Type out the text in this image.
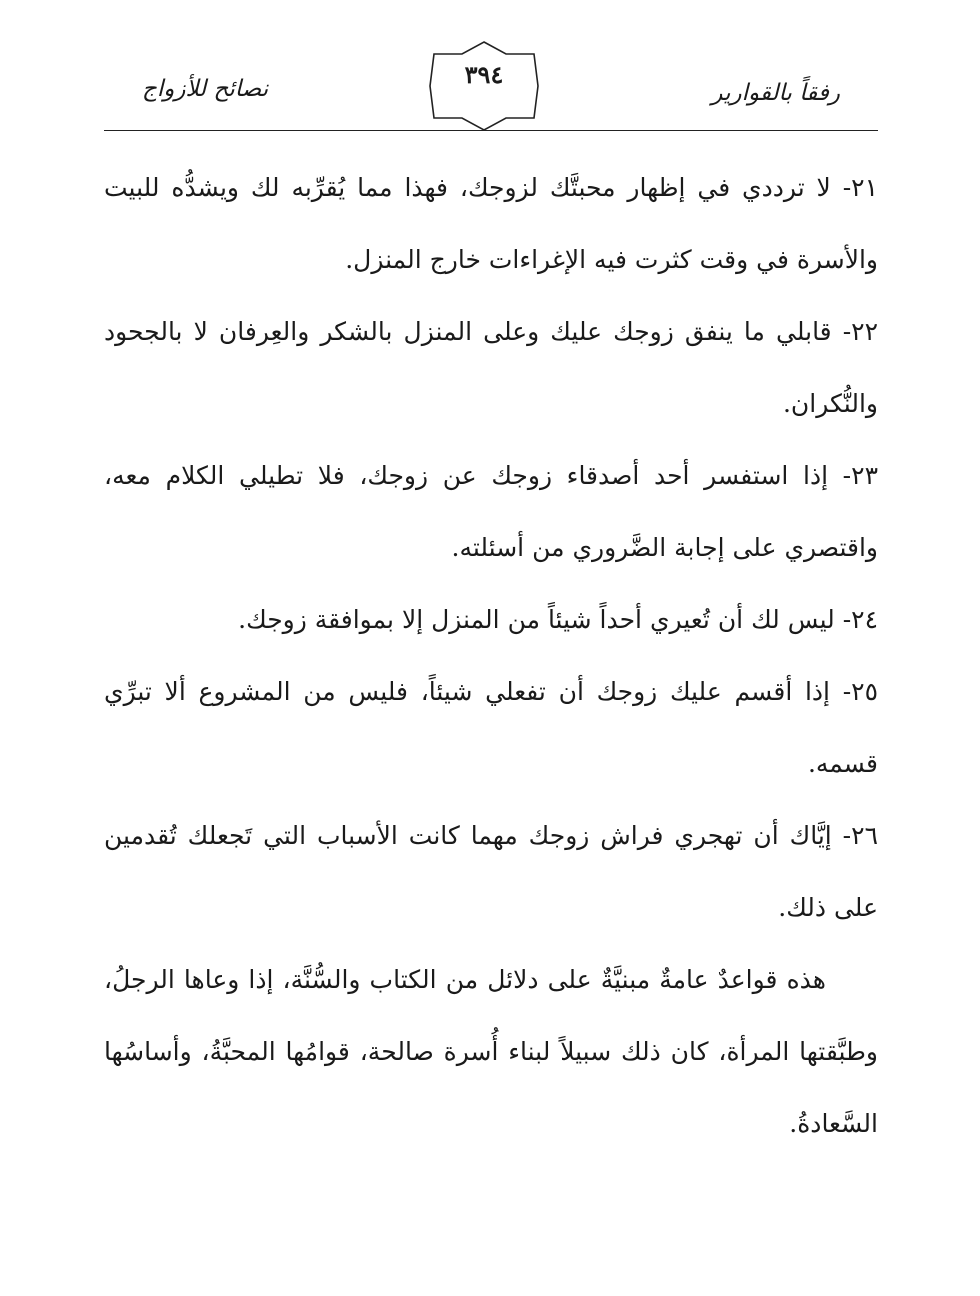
نصائح للأزواج	٣٩٤
رفقاً بالقوارير

٢١- لا ترددي في إظهار محبتَّك لزوجك، فهذا مما يُقرِّبه لك ويشدُّه للبيت والأسرة في وقت كثرت فيه الإغراءات خارج المنزل.

٢٢- قابلي ما ينفق زوجك عليك وعلى المنزل بالشكر والعِرفان لا بالجحود والنُّكران.

٢٣- إذا استفسر أحد أصدقاء زوجك عن زوجك، فلا تطيلي الكلام معه، واقتصري على إجابة الضَّروري من أسئلته.

٢٤- ليس لك أن تُعيري أحداً شيئاً من المنزل إلا بموافقة زوجك.

٢٥- إذا أقسم عليك زوجك أن تفعلي شيئاً، فليس من المشروع ألا تبرِّي قسمه.

٢٦- إيَّاك أن تهجري فراش زوجك مهما كانت الأسباب التي تَجعلك تُقدمين على ذلك.

هذه قواعدٌ عامةٌ مبنيَّةٌ على دلائل من الكتاب والسُّنَّة، إذا وعاها الرجلُ، وطبَّقتها المرأة، كان ذلك سبيلاً لبناء أُسرة صالحة، قوامُها المحبَّةُ، وأساسُها السَّعادةُ.
